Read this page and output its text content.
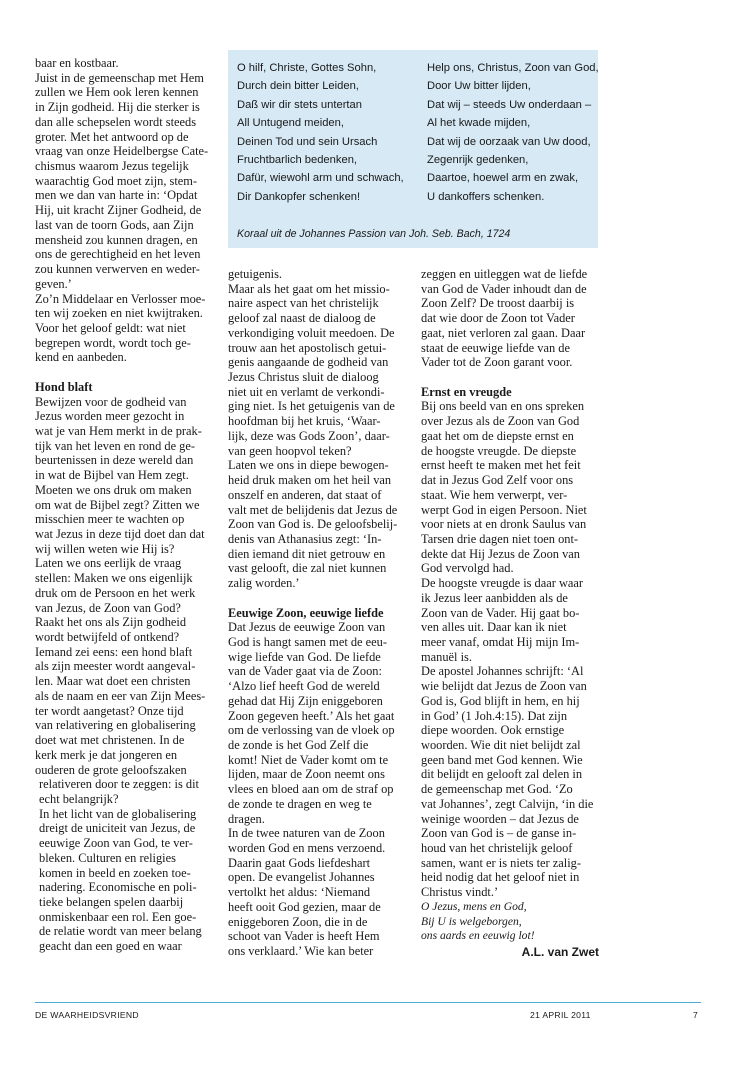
O hilf, Christe, Gottes Sohn,
Durch dein bitter Leiden,
Daß wir dir stets untertan
All Untugend meiden,
Deinen Tod und sein Ursach
Fruchtbarlich bedenken,
Dafür, wiewohl arm und schwach,
Dir Dankopfer schenken!
Help ons, Christus, Zoon van God,
Door Uw bitter lijden,
Dat wij – steeds Uw onderdaan –
Al het kwade mijden,
Dat wij de oorzaak van Uw dood,
Zegenrijk gedenken,
Daartoe, hoewel arm en zwak,
U dankoffers schenken.
Koraal uit de Johannes Passion van Joh. Seb. Bach, 1724
baar en kostbaar.
Juist in de gemeenschap met Hem
zullen we Hem ook leren kennen
in Zijn godheid. Hij die sterker is
dan alle schepselen wordt steeds
groter. Met het antwoord op de
vraag van onze Heidelbergse Cate-
chismus waarom Jezus tegelijk
waarachtig God moet zijn, stem-
men we dan van harte in: ‘Opdat
Hij, uit kracht Zijner Godheid, de
last van de toorn Gods, aan Zijn
mensheid zou kunnen dragen, en
ons de gerechtigheid en het leven
zou kunnen verwerven en weder-
geven.’
Zo’n Middelaar en Verlosser moe-
ten wij zoeken en niet kwijtraken.
Voor het geloof geldt: wat niet
begrepen wordt, wordt toch ge-
kend en aanbeden.
Hond blaft
Bewijzen voor de godheid van
Jezus worden meer gezocht in
wat je van Hem merkt in de prak-
tijk van het leven en rond de ge-
beurtenissen in deze wereld dan
in wat de Bijbel van Hem zegt.
Moeten we ons druk om maken
om wat de Bijbel zegt? Zitten we
misschien meer te wachten op
wat Jezus in deze tijd doet dan dat
wij willen weten wie Hij is?
Laten we ons eerlijk de vraag
stellen: Maken we ons eigenlijk
druk om de Persoon en het werk
van Jezus, de Zoon van God?
Raakt het ons als Zijn godheid
wordt betwijfeld of ontkend?
Iemand zei eens: een hond blaft
als zijn meester wordt aangeval-
len. Maar wat doet een christen
als de naam en eer van Zijn Mees-
ter wordt aangetast? Onze tijd
van relativering en globalisering
doet wat met christenen. In de
kerk merk je dat jongeren en
ouderen de grote geloofszaken
relativeren door te zeggen: is dit
echt belangrijk?
In het licht van de globalisering
dreigt de uniciteit van Jezus, de
eeuwige Zoon van God, te ver-
bleken. Culturen en religies
komen in beeld en zoeken toe-
nadering. Economische en poli-
tieke belangen spelen daarbij
onmiskenbaar een rol. Een goe-
de relatie wordt van meer belang
geacht dan een goed en waar
getuigenis.
Maar als het gaat om het missio-
naire aspect van het christelijk
geloof zal naast de dialoog de
verkondiging voluit meedoen. De
trouw aan het apostolisch getui-
genis aangaande de godheid van
Jezus Christus sluit de dialoog
niet uit en verlamt de verkondi-
ging niet. Is het getuigenis van de
hoofdman bij het kruis, ‘Waar-
lijk, deze was Gods Zoon’, daar-
van geen hoopvol teken?
Laten we ons in diepe bewogen-
heid druk maken om het heil van
onszelf en anderen, dat staat of
valt met de belijdenis dat Jezus de
Zoon van God is. De geloofsbelij-
denis van Athanasius zegt: ‘In-
dien iemand dit niet getrouw en
vast gelooft, die zal niet kunnen
zalig worden.’
Eeuwige Zoon, eeuwige liefde
Dat Jezus de eeuwige Zoon van
God is hangt samen met de eeu-
wige liefde van God. De liefde
van de Vader gaat via de Zoon:
‘Alzo lief heeft God de wereld
gehad dat Hij Zijn eniggeboren
Zoon gegeven heeft.’ Als het gaat
om de verlossing van de vloek op
de zonde is het God Zelf die
komt! Niet de Vader komt om te
lijden, maar de Zoon neemt ons
vlees en bloed aan om de straf op
de zonde te dragen en weg te
dragen.
In de twee naturen van de Zoon
worden God en mens verzoend.
Daarin gaat Gods liefdeshart
open. De evangelist Johannes
vertolkt het aldus: ‘Niemand
heeft ooit God gezien, maar de
eniggeboren Zoon, die in de
schoot van Vader is heeft Hem
ons verklaard.’ Wie kan beter
zeggen en uitleggen wat de liefde
van God de Vader inhoudt dan de
Zoon Zelf? De troost daarbij is
dat wie door de Zoon tot Vader
gaat, niet verloren zal gaan. Daar
staat de eeuwige liefde van de
Vader tot de Zoon garant voor.
Ernst en vreugde
Bij ons beeld van en ons spreken
over Jezus als de Zoon van God
gaat het om de diepste ernst en
de hoogste vreugde. De diepste
ernst heeft te maken met het feit
dat in Jezus God Zelf voor ons
staat. Wie hem verwerpt, ver-
werpt God in eigen Persoon. Niet
voor niets at en dronk Saulus van
Tarsen drie dagen niet toen ont-
dekte dat Hij Jezus de Zoon van
God vervolgd had.
De hoogste vreugde is daar waar
ik Jezus leer aanbidden als de
Zoon van de Vader. Hij gaat bo-
ven alles uit. Daar kan ik niet
meer vanaf, omdat Hij mijn Im-
manuël is.
De apostel Johannes schrijft: ‘Al
wie belijdt dat Jezus de Zoon van
God is, God blijft in hem, en hij
in God’ (1 Joh.4:15). Dat zijn
diepe woorden. Ook ernstige
woorden. Wie dit niet belijdt zal
geen band met God kennen. Wie
dit belijdt en gelooft zal delen in
de gemeenschap met God. ‘Zo
vat Johannes’, zegt Calvijn, ‘in die
weinige woorden – dat Jezus de
Zoon van God is – de ganse in-
houd van het christelijk geloof
samen, want er is niets ter zalig-
heid nodig dat het geloof niet in
Christus vindt.’
O Jezus, mens en God,
Bij U is welgeborgen,
ons aards en eeuwig lot!
A.L. van Zwet
DE WAARHEIDSVRIEND	21 APRIL 2011	7
